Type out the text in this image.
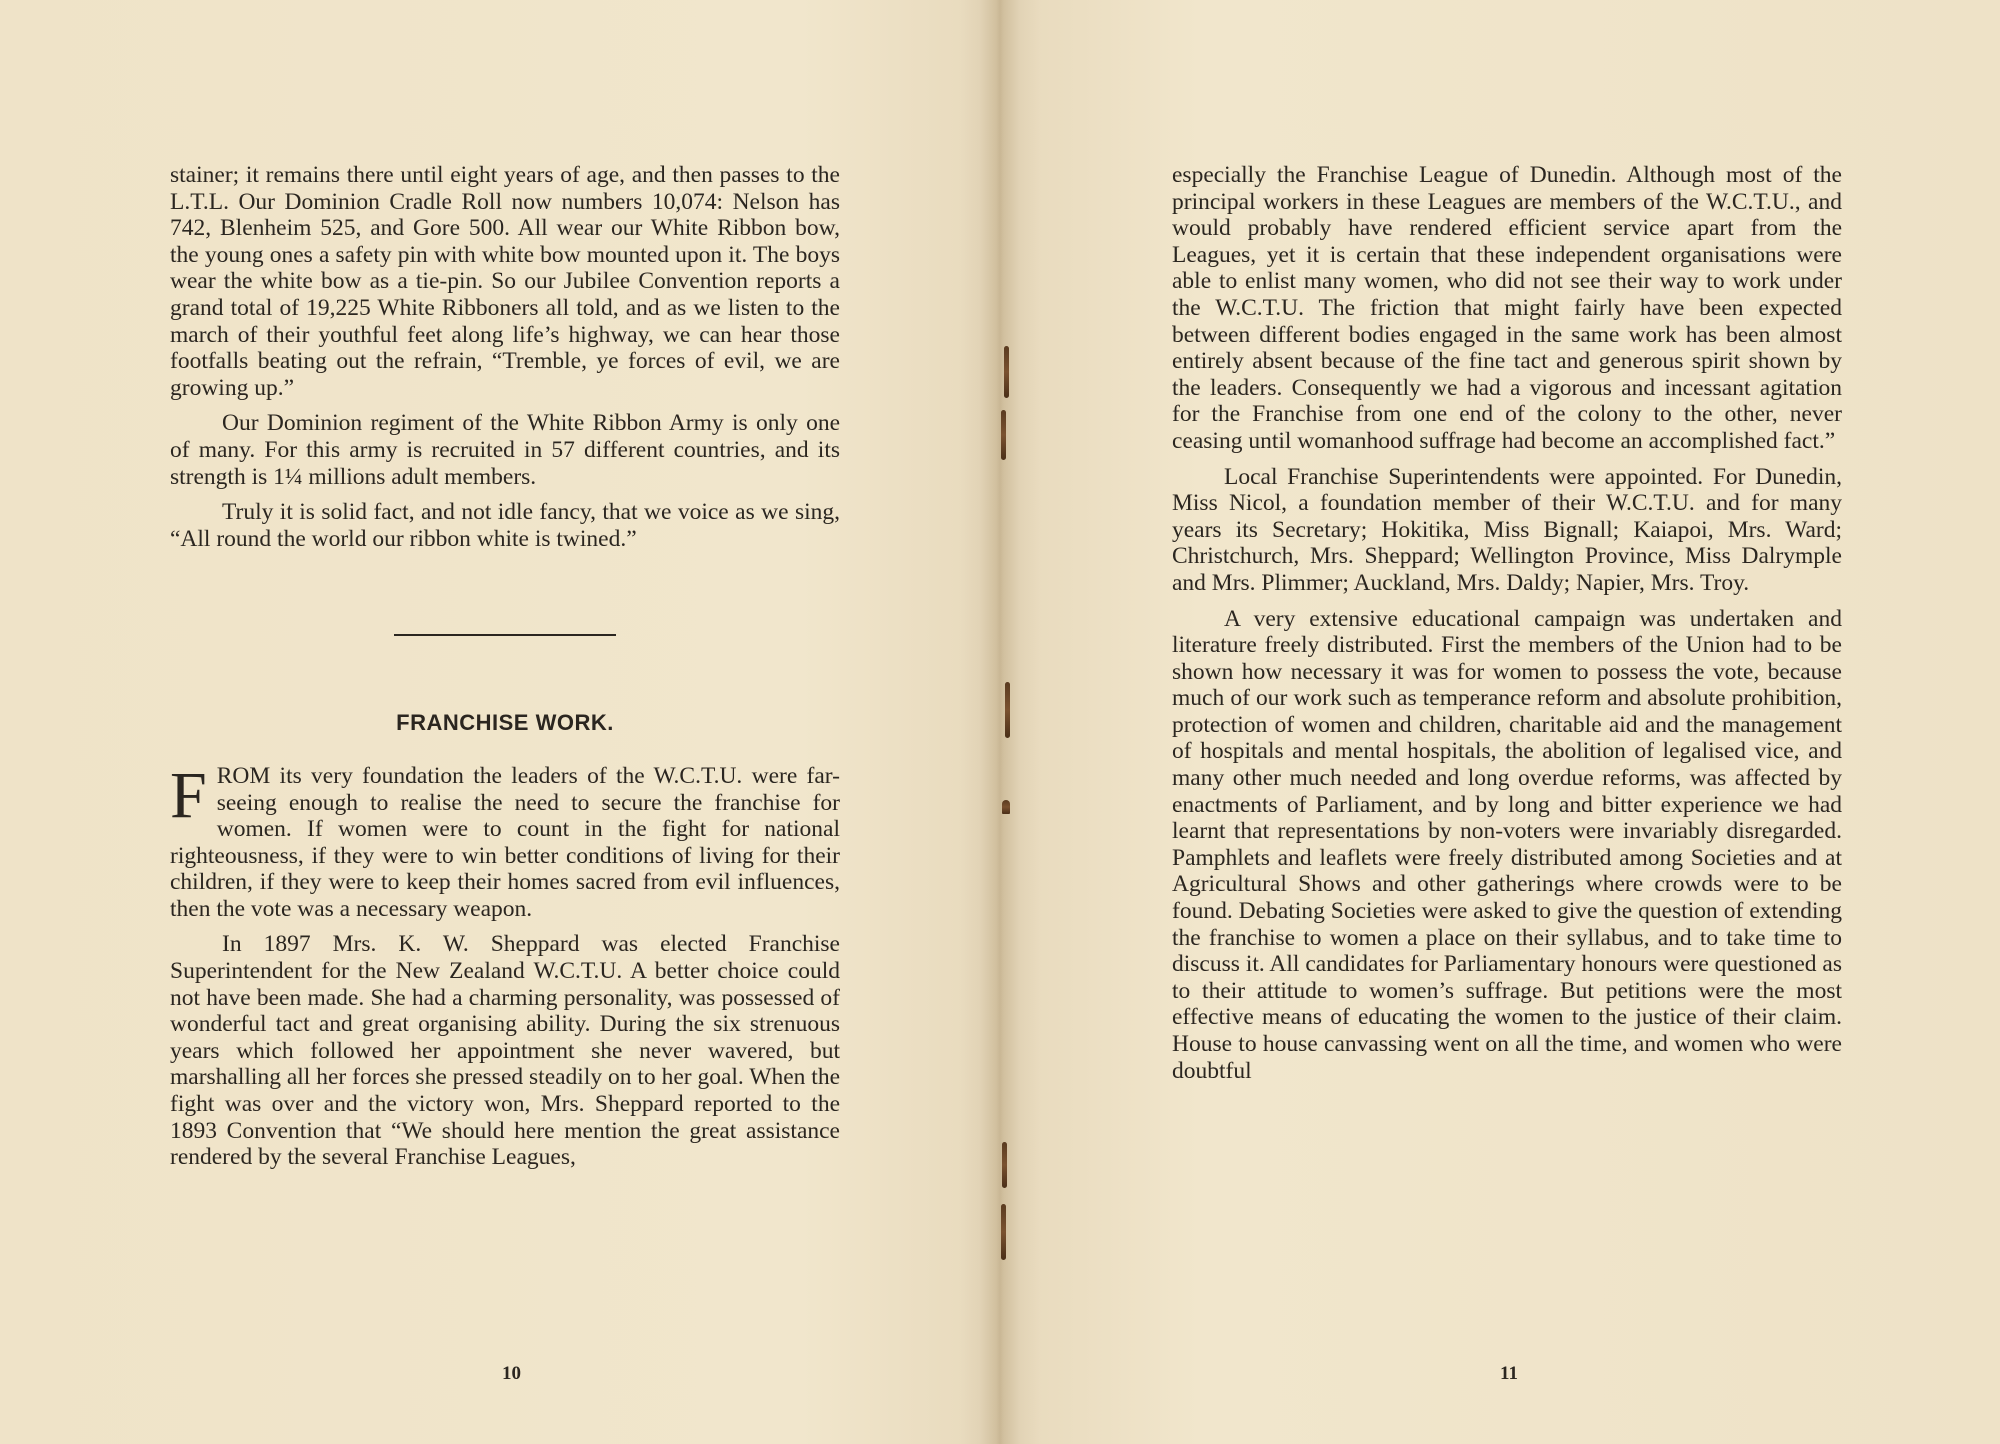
stainer; it remains there until eight years of age, and then passes to the L.T.L. Our Dominion Cradle Roll now numbers 10,074: Nelson has 742, Blenheim 525, and Gore 500. All wear our White Ribbon bow, the young ones a safety pin with white bow mounted upon it. The boys wear the white bow as a tie-pin. So our Jubilee Convention reports a grand total of 19,225 White Ribboners all told, and as we listen to the march of their youthful feet along life’s highway, we can hear those footfalls beating out the refrain, “Tremble, ye forces of evil, we are growing up.”

Our Dominion regiment of the White Ribbon Army is only one of many. For this army is recruited in 57 different countries, and its strength is 1¼ millions adult members.

Truly it is solid fact, and not idle fancy, that we voice as we sing, “All round the world our ribbon white is twined.”

FRANCHISE WORK.

FROM its very foundation the leaders of the W.C.T.U. were far-seeing enough to realise the need to secure the franchise for women. If women were to count in the fight for national righteousness, if they were to win better conditions of living for their children, if they were to keep their homes sacred from evil influences, then the vote was a necessary weapon.

In 1897 Mrs. K. W. Sheppard was elected Franchise Superintendent for the New Zealand W.C.T.U. A better choice could not have been made. She had a charming personality, was possessed of wonderful tact and great organising ability. During the six strenuous years which followed her appointment she never wavered, but marshalling all her forces she pressed steadily on to her goal. When the fight was over and the victory won, Mrs. Sheppard reported to the 1893 Convention that “We should here mention the great assistance rendered by the several Franchise Leagues,

especially the Franchise League of Dunedin. Although most of the principal workers in these Leagues are members of the W.C.T.U., and would probably have rendered efficient service apart from the Leagues, yet it is certain that these independent organisations were able to enlist many women, who did not see their way to work under the W.C.T.U. The friction that might fairly have been expected between different bodies engaged in the same work has been almost entirely absent because of the fine tact and generous spirit shown by the leaders. Consequently we had a vigorous and incessant agitation for the Franchise from one end of the colony to the other, never ceasing until womanhood suffrage had become an accomplished fact.”

Local Franchise Superintendents were appointed. For Dunedin, Miss Nicol, a foundation member of their W.C.T.U. and for many years its Secretary; Hokitika, Miss Bignall; Kaiapoi, Mrs. Ward; Christchurch, Mrs. Sheppard; Wellington Province, Miss Dalrymple and Mrs. Plimmer; Auckland, Mrs. Daldy; Napier, Mrs. Troy.

A very extensive educational campaign was undertaken and literature freely distributed. First the members of the Union had to be shown how necessary it was for women to possess the vote, because much of our work such as temperance reform and absolute prohibition, protection of women and children, charitable aid and the management of hospitals and mental hospitals, the abolition of legalised vice, and many other much needed and long overdue reforms, was affected by enactments of Parliament, and by long and bitter experience we had learnt that representations by non-voters were invariably disregarded. Pamphlets and leaflets were freely distributed among Societies and at Agricultural Shows and other gatherings where crowds were to be found. Debating Societies were asked to give the question of extending the franchise to women a place on their syllabus, and to take time to discuss it. All candidates for Parliamentary honours were questioned as to their attitude to women’s suffrage. But petitions were the most effective means of educating the women to the justice of their claim. House to house canvassing went on all the time, and women who were doubtful

10	11
